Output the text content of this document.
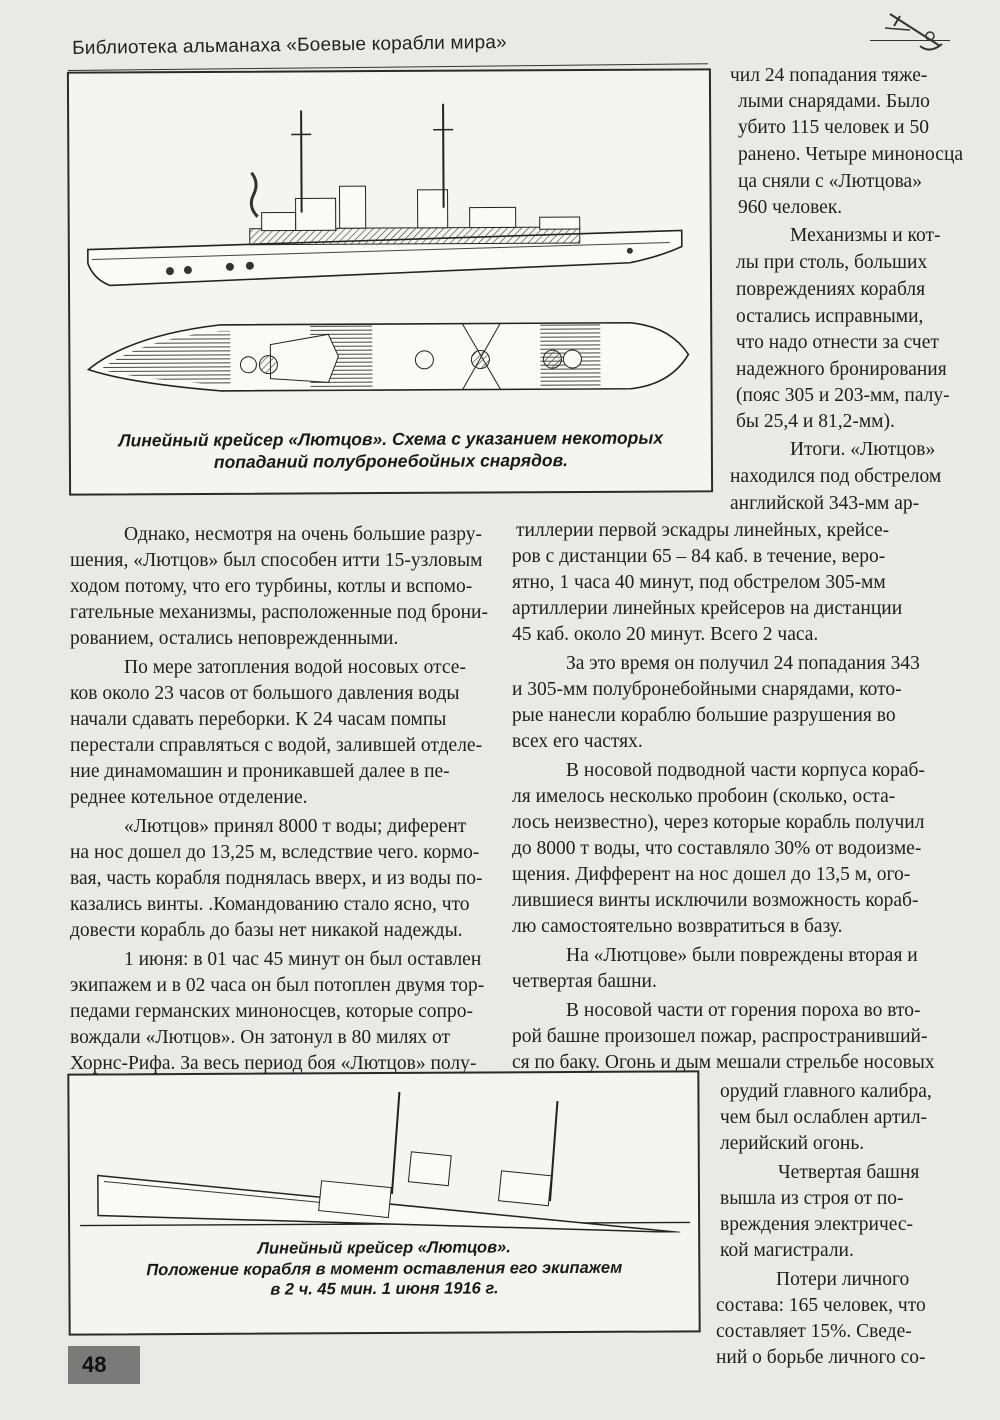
Библиотека альманаха «Боевые корабли мира»
Линейный крейсер «Лютцов». Схема с указанием некоторых
попаданий полубронебойных снарядов.
Линейный крейсер «Лютцов».
Положение корабля в момент оставления его экипажем
в 2 ч. 45 мин. 1 июня 1916 г.
чил 24 попадания тяже-
лыми снарядами. Было
убито 115 человек и 50
ранено. Четыре миноносца
ца сняли с «Лютцова»
960 человек.
Механизмы и кот-
лы при столь, больших
повреждениях корабля
остались исправными,
что надо отнести за счет
надежного бронирования
(пояс 305 и 203-мм, палу-
бы 25,4 и 81,2-мм).
Итоги. «Лютцов»
находился под обстрелом
английской 343-мм ар-
Однако, несмотря на очень большие разру-
шения, «Лютцов» был способен итти 15-узловым
ходом потому, что его турбины, котлы и вспомо-
гательные механизмы, расположенные под брони-
рованием, остались неповрежденными.
По мере затопления водой носовых отсе-
ков около 23 часов от большого давления воды
начали сдавать переборки. К 24 часам помпы
перестали справляться с водой, залившей отделе-
ние динамомашин и проникавшей далее в пе-
реднее котельное отделение.
«Лютцов» принял 8000 т воды; диферент
на нос дошел до 13,25 м, вследствие чего. кормо-
вая, часть корабля поднялась вверх, и из воды по-
казались винты. .Командованию стало ясно, что
довести корабль до базы нет никакой надежды.
1 июня: в 01 час 45 минут он был оставлен
экипажем и в 02 часа он был потоплен двумя тор-
педами германских миноносцев, которые сопро-
вождали «Лютцов». Он затонул в 80 милях от
Хорнс-Рифа. За весь период боя «Лютцов» полу-
тиллерии первой эскадры линейных, крейсе-
ров с дистанции 65 – 84 каб. в течение, веро-
ятно, 1 часа 40 минут, под обстрелом 305-мм
артиллерии линейных крейсеров на дистанции
45 каб. около 20 минут. Всего 2 часа.
За это время он получил 24 попадания 343
и 305-мм полубронебойными снарядами, кото-
рые нанесли кораблю большие разрушения во
всех его частях.
В носовой подводной части корпуса кораб-
ля имелось несколько пробоин (сколько, оста-
лось неизвестно), через которые корабль получил
до 8000 т воды, что составляло 30% от водоизме-
щения. Дифферент на нос дошел до 13,5 м, ого-
лившиеся винты исключили возможность кораб-
лю самостоятельно возвратиться в базу.
На «Лютцове» были повреждены вторая и
четвертая башни.
В носовой части от горения пороха во вто-
рой башне произошел пожар, распространивший-
ся по баку. Огонь и дым мешали стрельбе носовых
орудий главного калибра,
чем был ослаблен артил-
лерийский огонь.
Четвертая башня
вышла из строя от по-
вреждения электричес-
кой магистрали.
Потери личного
состава: 165 человек, что
составляет 15%. Сведе-
ний о борьбе личного со-
48
